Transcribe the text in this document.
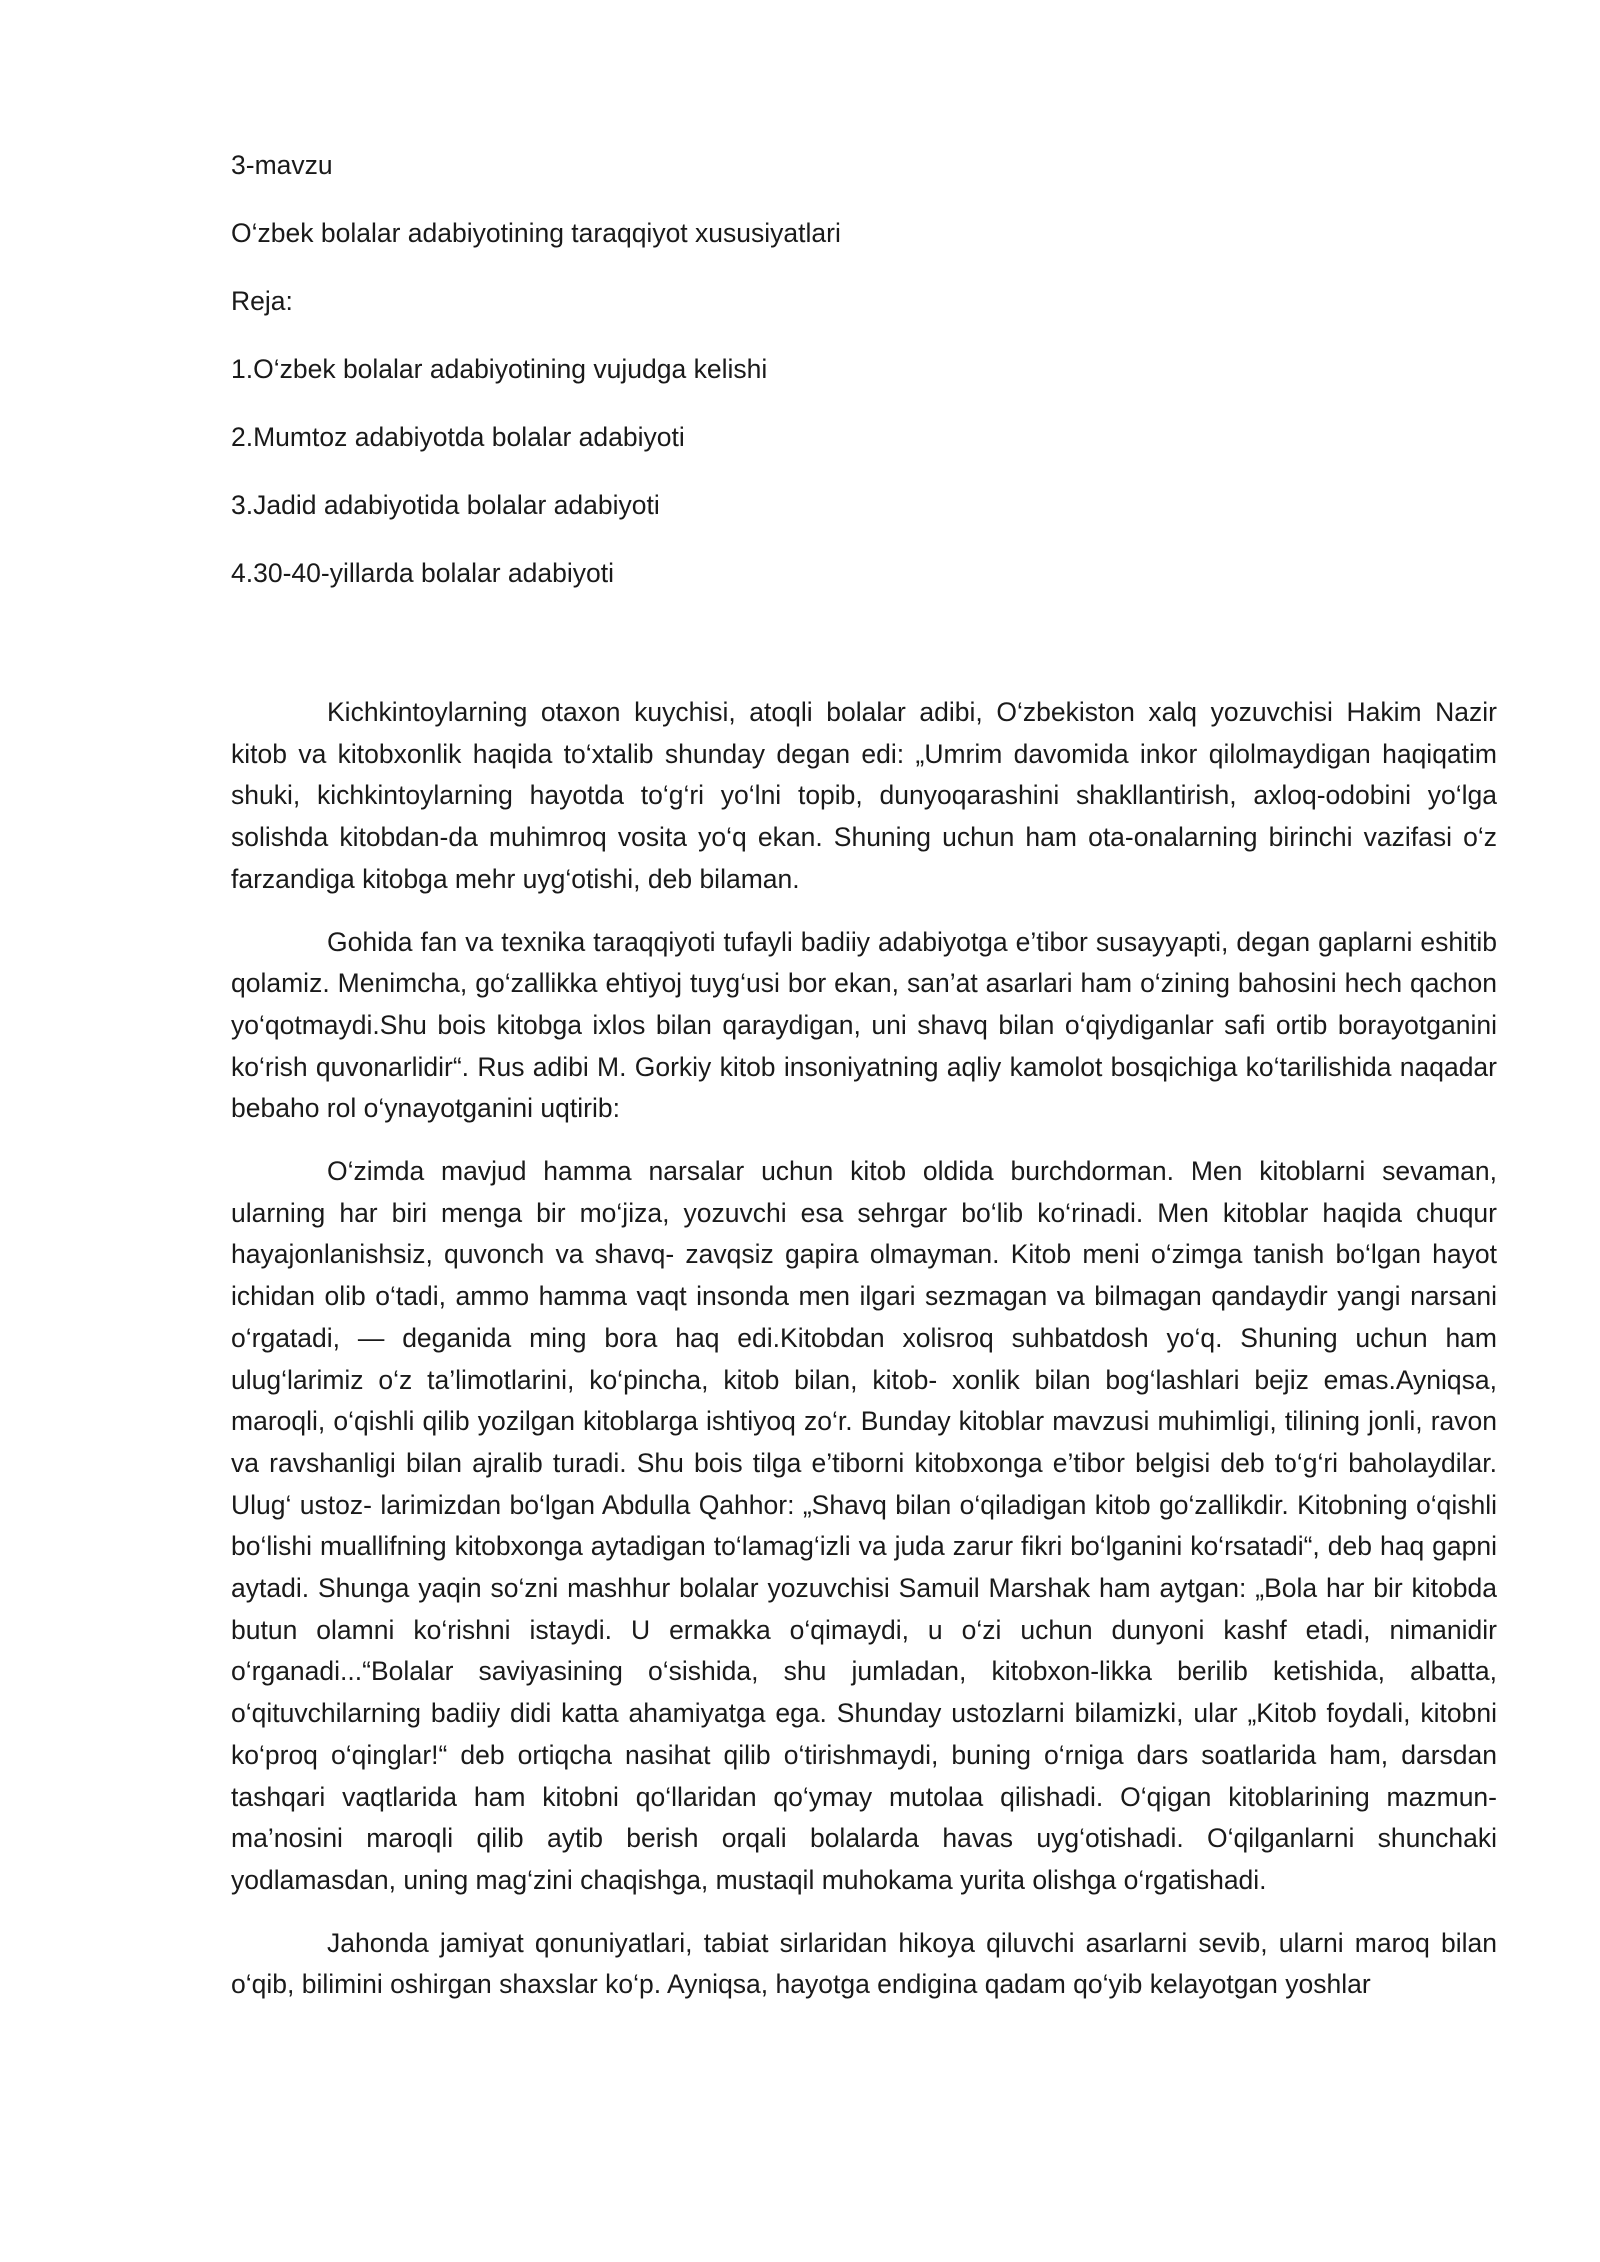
3-mavzu
O‘zbek bolalar adabiyotining taraqqiyot xususiyatlari
Reja:
1.O‘zbek bolalar adabiyotining vujudga kelishi
2.Mumtoz adabiyotda bolalar adabiyoti
3.Jadid adabiyotida bolalar adabiyoti
4.30-40-yillarda bolalar adabiyoti

Kichkintoylarning otaxon kuychisi, atoqli bolalar adibi, O‘zbekiston xalq yozuvchisi Hakim Nazir kitob va kitobxonlik haqida to‘xtalib shunday degan edi: „Umrim davomida inkor qilolmaydigan haqiqatim shuki, kichkintoylarning hayotda to‘g‘ri yo‘lni topib, dunyoqarashini shakllantirish, axloq-odobini yo‘lga solishda kitobdan-da muhimroq vosita yo‘q ekan. Shuning uchun ham ota-onalarning birinchi vazifasi o‘z farzandiga kitobga mehr uyg‘otishi, deb bilaman.

Gohida fan va texnika taraqqiyoti tufayli badiiy adabiyotga e’tibor susayyapti, degan gaplarni eshitib qolamiz. Menimcha, go‘zallikka ehtiyoj tuyg‘usi bor ekan, san’at asarlari ham o‘zining bahosini hech qachon yo‘qotmaydi.Shu bois kitobga ixlos bilan qaraydigan, uni shavq bilan o‘qiydiganlar safi ortib borayotganini ko‘rish quvonarlidir“. Rus adibi M. Gorkiy kitob insoniyatning aqliy kamolot bosqichiga ko‘tarilishida naqadar bebaho rol o‘ynayotganini uqtirib:

O‘zimda mavjud hamma narsalar uchun kitob oldida burchdorman. Men kitoblarni sevaman, ularning har biri menga bir mo‘jiza, yozuvchi esa sehrgar bo‘lib ko‘rinadi. Men kitoblar haqida chuqur hayajonlanishsiz, quvonch va shavq- zavqsiz gapira olmayman. Kitob meni o‘zimga tanish bo‘lgan hayot ichidan olib o‘tadi, ammo hamma vaqt insonda men ilgari sezmagan va bilmagan qandaydir yangi narsani o‘rgatadi, — deganida ming bora haq edi.Kitobdan xolisroq suhbatdosh yo‘q. Shuning uchun ham ulug‘larimiz o‘z ta’limotlarini, ko‘pincha, kitob bilan, kitob- xonlik bilan bog‘lashlari bejiz emas.Ayniqsa, maroqli, o‘qishli qilib yozilgan kitoblarga ishtiyoq zo‘r. Bunday kitoblar mavzusi muhimligi, tilining jonli, ravon va ravshanligi bilan ajralib turadi. Shu bois tilga e’tiborni kitobxonga e’tibor belgisi deb to‘g‘ri baholaydilar. Ulug‘ ustoz- larimizdan bo‘lgan Abdulla Qahhor: „Shavq bilan o‘qiladigan kitob go‘zallikdir. Kitobning o‘qishli bo‘lishi muallifning kitobxonga aytadigan to‘lamag‘izli va juda zarur fikri bo‘lganini ko‘rsatadi“, deb haq gapni aytadi. Shunga yaqin so‘zni mashhur bolalar yozuvchisi Samuil Marshak ham aytgan: „Bola har bir kitobda butun olamni ko‘rishni istaydi. U ermakka o‘qimaydi, u o‘zi uchun dunyoni kashf etadi, nimanidir o‘rganadi...“Bolalar saviyasining o‘sishida, shu jumladan, kitobxon-likka berilib ketishida, albatta, o‘qituvchilarning badiiy didi katta ahamiyatga ega. Shunday ustozlarni bilamizki, ular „Kitob foydali, kitobni ko‘proq o‘qinglar!“ deb ortiqcha nasihat qilib o‘tirishmaydi, buning o‘rniga dars soatlarida ham, darsdan tashqari vaqtlarida ham kitobni qo‘llaridan qo‘ymay mutolaa qilishadi. O‘qigan kitoblarining mazmun-ma’nosini maroqli qilib aytib berish orqali bolalarda havas uyg‘otishadi. O‘qilganlarni shunchaki yodlamasdan, uning mag‘zini chaqishga, mustaqil muhokama yurita olishga o‘rgatishadi.

Jahonda jamiyat qonuniyatlari, tabiat sirlaridan hikoya qiluvchi asarlarni sevib, ularni maroq bilan o‘qib, bilimini oshirgan shaxslar ko‘p. Ayniqsa, hayotga endigina qadam qo‘yib kelayotgan yoshlar
